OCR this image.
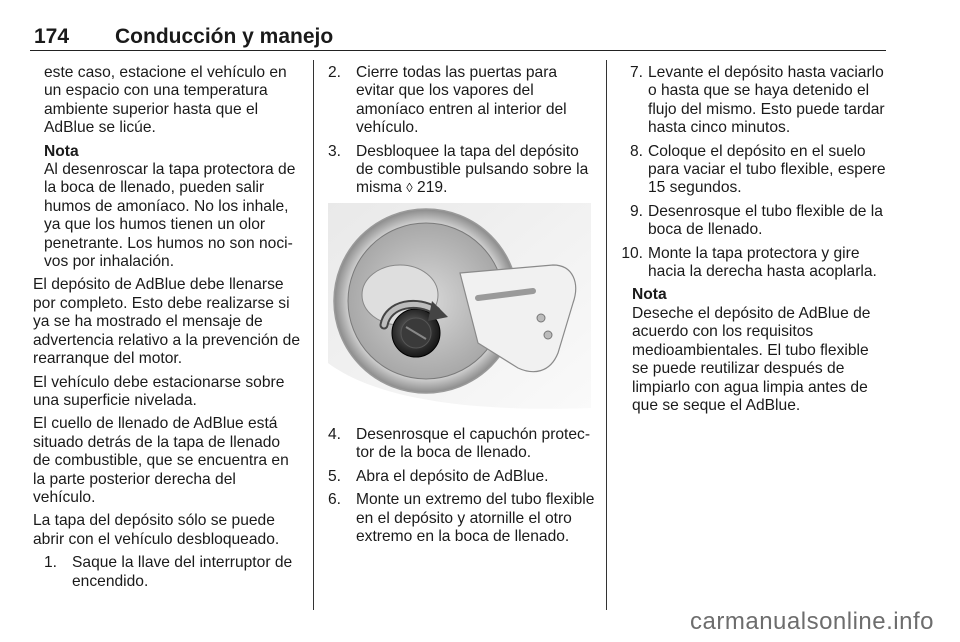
174 Conducción y manejo

este caso, estacione el vehículo en un espacio con una temperatura ambiente superior hasta que el AdBlue se licúe.

Nota

Al desenroscar la tapa protectora de la boca de llenado, pueden salir humos de amoníaco. No los inhale, ya que los humos tienen un olor penetrante. Los humos no son nocivos por inhalación.

El depósito de AdBlue debe llenarse por completo. Esto debe realizarse si ya se ha mostrado el mensaje de advertencia relativo a la prevención de rearranque del motor.

El vehículo debe estacionarse sobre una superficie nivelada.

El cuello de llenado de AdBlue está situado detrás de la tapa de llenado de combustible, que se encuentra en la parte posterior derecha del vehículo.

La tapa del depósito sólo se puede abrir con el vehículo desbloqueado.

1. Saque la llave del interruptor de encendido.
2. Cierre todas las puertas para evitar que los vapores del amoníaco entren al interior del vehículo.
3. Desbloquee la tapa del depósito de combustible pulsando sobre la misma ◊ 219.
4. Desenrosque el capuchón protector de la boca de llenado.
5. Abra el depósito de AdBlue.
6. Monte un extremo del tubo flexible en el depósito y atornille el otro extremo en la boca de llenado.
7. Levante el depósito hasta vaciarlo o hasta que se haya detenido el flujo del mismo. Esto puede tardar hasta cinco minutos.
8. Coloque el depósito en el suelo para vaciar el tubo flexible, espere 15 segundos.
9. Desenrosque el tubo flexible de la boca de llenado.
10. Monte la tapa protectora y gire hacia la derecha hasta acoplarla.

Nota

Deseche el depósito de AdBlue de acuerdo con los requisitos medioambientales. El tubo flexible se puede reutilizar después de limpiarlo con agua limpia antes de que se seque el AdBlue.

carmanualsonline.info
